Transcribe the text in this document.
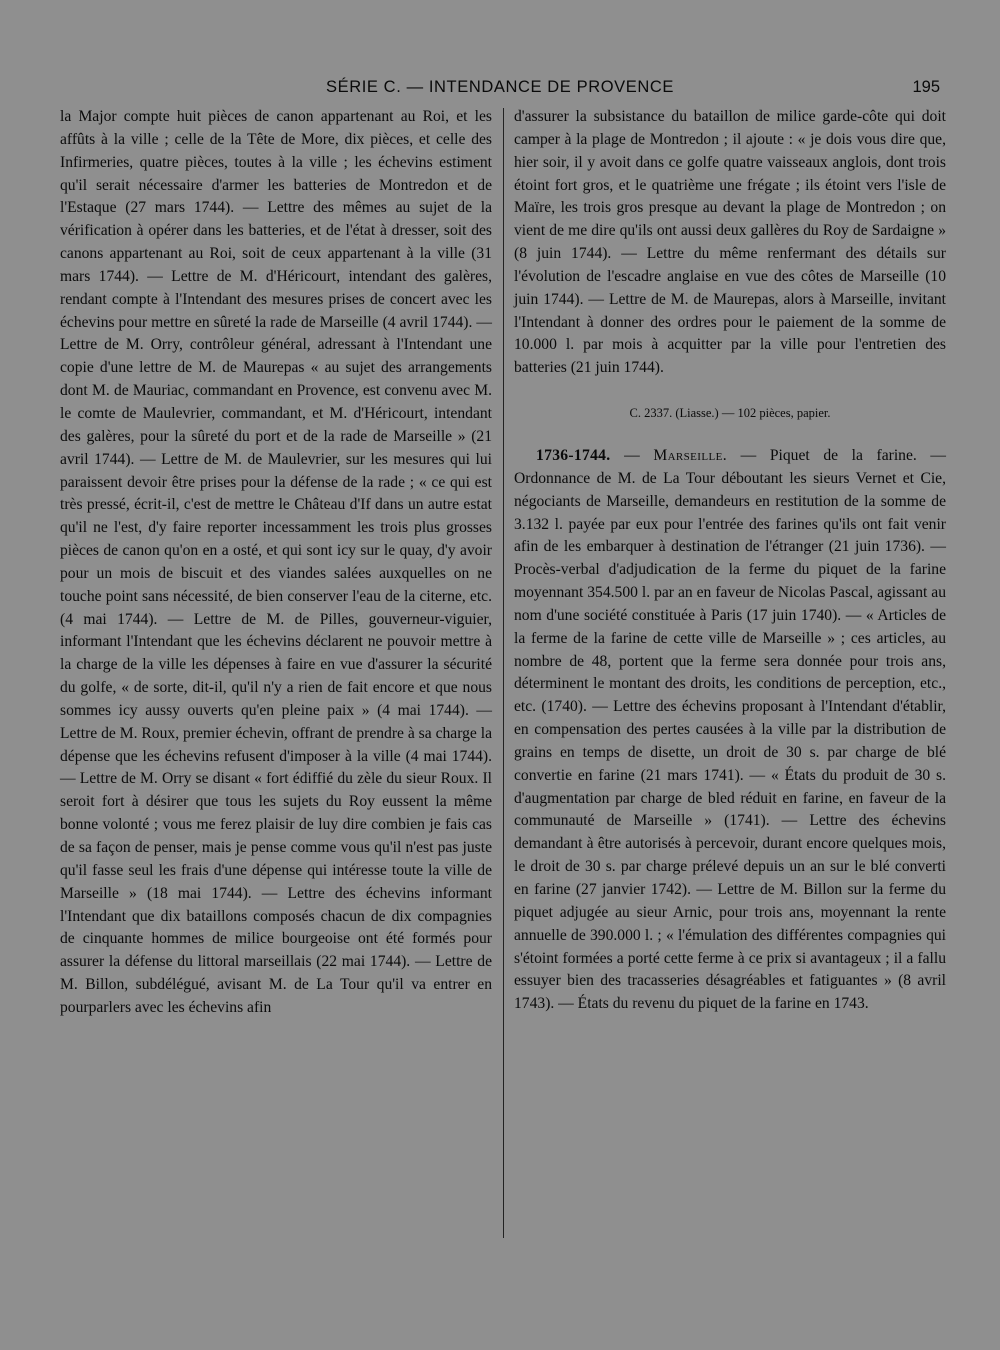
SÉRIE C. — INTENDANCE DE PROVENCE	195

la Major compte huit pièces de canon appartenant au Roi, et les affûts à la ville ; celle de la Tête de More, dix pièces, et celle des Infirmeries, quatre pièces, toutes à la ville ; les échevins estiment qu'il serait nécessaire d'armer les batteries de Montredon et de l'Estaque (27 mars 1744). — Lettre des mêmes au sujet de la vérification à opérer dans les batteries, et de l'état à dresser, soit des canons appartenant au Roi, soit de ceux appartenant à la ville (31 mars 1744). — Lettre de M. d'Héricourt, intendant des galères, rendant compte à l'Intendant des mesures prises de concert avec les échevins pour mettre en sûreté la rade de Marseille (4 avril 1744). — Lettre de M. Orry, contrôleur général, adressant à l'Intendant une copie d'une lettre de M. de Maurepas « au sujet des arrangements dont M. de Mauriac, commandant en Provence, est convenu avec M. le comte de Maulevrier, commandant, et M. d'Héricourt, intendant des galères, pour la sûreté du port et de la rade de Marseille » (21 avril 1744). — Lettre de M. de Maulevrier, sur les mesures qui lui paraissent devoir être prises pour la défense de la rade ; « ce qui est très pressé, écrit-il, c'est de mettre le Château d'If dans un autre estat qu'il ne l'est, d'y faire reporter incessamment les trois plus grosses pièces de canon qu'on en a osté, et qui sont icy sur le quay, d'y avoir pour un mois de biscuit et des viandes salées auxquelles on ne touche point sans nécessité, de bien conserver l'eau de la citerne, etc. (4 mai 1744). — Lettre de M. de Pilles, gouverneur-viguier, informant l'Intendant que les échevins déclarent ne pouvoir mettre à la charge de la ville les dépenses à faire en vue d'assurer la sécurité du golfe, « de sorte, dit-il, qu'il n'y a rien de fait encore et que nous sommes icy aussy ouverts qu'en pleine paix » (4 mai 1744). — Lettre de M. Roux, premier échevin, offrant de prendre à sa charge la dépense que les échevins refusent d'imposer à la ville (4 mai 1744). — Lettre de M. Orry se disant « fort édiffié du zèle du sieur Roux. Il seroit fort à désirer que tous les sujets du Roy eussent la même bonne volonté ; vous me ferez plaisir de luy dire combien je fais cas de sa façon de penser, mais je pense comme vous qu'il n'est pas juste qu'il fasse seul les frais d'une dépense qui intéresse toute la ville de Marseille » (18 mai 1744). — Lettre des échevins informant l'Intendant que dix bataillons composés chacun de dix compagnies de cinquante hommes de milice bourgeoise ont été formés pour assurer la défense du littoral marseillais (22 mai 1744). — Lettre de M. Billon, subdélégué, avisant M. de La Tour qu'il va entrer en pourparlers avec les échevins afin

d'assurer la subsistance du bataillon de milice garde-côte qui doit camper à la plage de Montredon ; il ajoute : « je dois vous dire que, hier soir, il y avoit dans ce golfe quatre vaisseaux anglois, dont trois étoint fort gros, et le quatrième une frégate ; ils étoint vers l'isle de Maïre, les trois gros presque au devant la plage de Montredon ; on vient de me dire qu'ils ont aussi deux gallères du Roy de Sardaigne » (8 juin 1744). — Lettre du même renfermant des détails sur l'évolution de l'escadre anglaise en vue des côtes de Marseille (10 juin 1744). — Lettre de M. de Maurepas, alors à Marseille, invitant l'Intendant à donner des ordres pour le paiement de la somme de 10.000 l. par mois à acquitter par la ville pour l'entretien des batteries (21 juin 1744).

C. 2337. (Liasse.) — 102 pièces, papier.

1736-1744. — Marseille. — Piquet de la farine. — Ordonnance de M. de La Tour déboutant les sieurs Vernet et Cie, négociants de Marseille, demandeurs en restitution de la somme de 3.132 l. payée par eux pour l'entrée des farines qu'ils ont fait venir afin de les embarquer à destination de l'étranger (21 juin 1736). — Procès-verbal d'adjudication de la ferme du piquet de la farine moyennant 354.500 l. par an en faveur de Nicolas Pascal, agissant au nom d'une société constituée à Paris (17 juin 1740). — « Articles de la ferme de la farine de cette ville de Marseille » ; ces articles, au nombre de 48, portent que la ferme sera donnée pour trois ans, déterminent le montant des droits, les conditions de perception, etc., etc. (1740). — Lettre des échevins proposant à l'Intendant d'établir, en compensation des pertes causées à la ville par la distribution de grains en temps de disette, un droit de 30 s. par charge de blé convertie en farine (21 mars 1741). — « États du produit de 30 s. d'augmentation par charge de bled réduit en farine, en faveur de la communauté de Marseille » (1741). — Lettre des échevins demandant à être autorisés à percevoir, durant encore quelques mois, le droit de 30 s. par charge prélevé depuis un an sur le blé converti en farine (27 janvier 1742). — Lettre de M. Billon sur la ferme du piquet adjugée au sieur Arnic, pour trois ans, moyennant la rente annuelle de 390.000 l. ; « l'émulation des différentes compagnies qui s'étoint formées a porté cette ferme à ce prix si avantageux ; il a fallu essuyer bien des tracasseries désagréables et fatiguantes » (8 avril 1743). — États du revenu du piquet de la farine en 1743.
